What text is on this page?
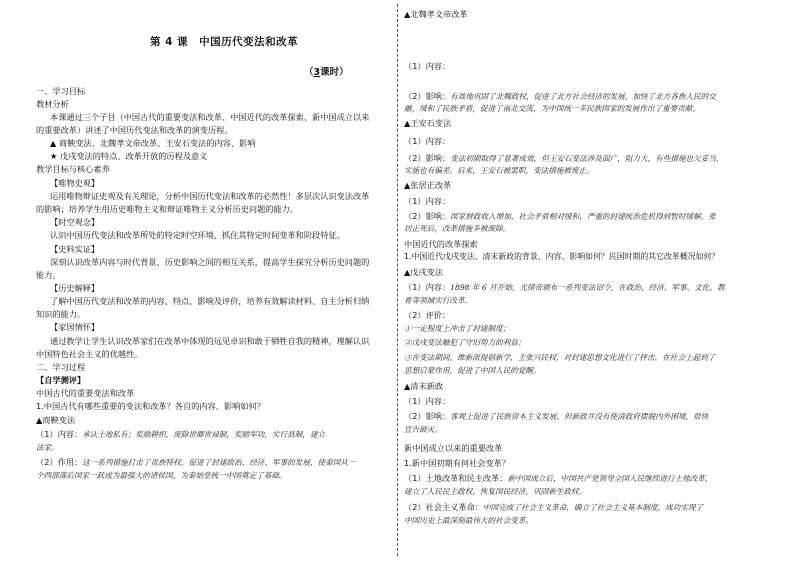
第 4 课　中国历代变法和改革
（3课时）
一、学习目标
教材分析
本课通过三个子目（中国古代的重要变法和改革、中国近代的改革探索、新中国成立以来
的重要改革）讲述了中国历代变法和改革的演变历程。
▲ 商鞅变法、北魏孝文帝改革、王安石变法的内容、影响
★ 戊戌变法的特点、改革开放的历程及意义
教学目标与核心素养
【唯物史观】
运用唯物辩证史观及有关理论，分析中国历代变法和改革的必然性！多层次认识变法改革
的影响；培养学生用历史唯物主义和辩证唯物主义分析历史问题的能力。
【时空观念】
认识中国历代变法和改革所处的特定时空环境，抓住其特定时间变革和阶段特征。
【史料实证】
深刻认识改革内容与时代背景、历史影响之间的相互关系，提高学生探究分析历史问题的
能力。
【历史解释】
了解中国历代变法和改革的内容、特点、影响及评价，培养有效解读材料、自主分析归纳
知识的能力。
【家国情怀】
通过教学让学生认识改革家们在改革中体现的远见卓识和敢于牺牲自我的精神，理解认识
中国特色社会主义的优越性。
二、学习过程
【自学测评】
中国古代的重要变法和改革
1.中国古代有哪些重要的变法和改革？各自的内容、影响如何？
▲商鞅变法
（1）内容：承认土地私有；奖励耕织，废除世卿世禄制，奖励军功，实行县制，建立
法家。
（2）作用：这一系列措施打击了贵族特权，促进了封建政治、经济、军事的发展，使秦国从一
个西部落后国家一跃成为最强大的诸侯国，为秦始皇统一中国奠定了基础。
▲北魏孝文帝改革
（1）内容：
（2）影响：有效地巩固了北魏政权，促进了北方社会经济的发展，加快了北方各族人民的交
融，缓和了民族矛盾，促进了南北交流，为中国统一多民族国家的发展作出了重要贡献。
▲王安石变法
（1）内容：
（2）影响：变法初期取得了显著成效，但王安石变法涉及面广，阻力大，有些措施也欠妥当，
实施也有偏差。后来，王安石被罢职，变法措施被废止。
▲张居正改革
（1）内容：
（2）影响：国家财政收入增加，社会矛盾相对缓和，严重的封建统治危机得到暂时缓解。张
居正死后，改革措施多被废除。
中国近代的改革探索
1.中国近代戊戌变法、清末新政的背景、内容、影响如何？民国时期的其它改革概况如何？
▲戊戌变法
（1）内容：1898 年 6 月开始，光绪帝颁布一系列变法诏令，在政治、经济、军事、文化、教
育等领域实行改革。
（2）评价：
①一定程度上冲击了封建制度；
②戊戌变法触犯了守旧势力的利益；
③在变法期间，维新派提倡新学，主张兴民权，对封建思想文化进行了抨击，在社会上起到了
思想启蒙作用，促进了中国人民的觉醒。
▲清末新政
（1）内容：
（2）影响：客观上促进了民族资本主义发展，但新政并没有使清政府摆脱内外困境，很快
宣告破灭。
新中国成立以来的重要改革
1.新中国初期有何社会变革？
（1）土地改革和民主改革：新中国成立后，中国共产党领导全国人民继续进行土地改革，
建立了人民民主政权，恢复国民经济，巩固新生政权。
（2）社会主义革命：中国完成了社会主义革命，确立了社会主义基本制度，成功实现了
中国历史上最深刻最伟大的社会变革。
